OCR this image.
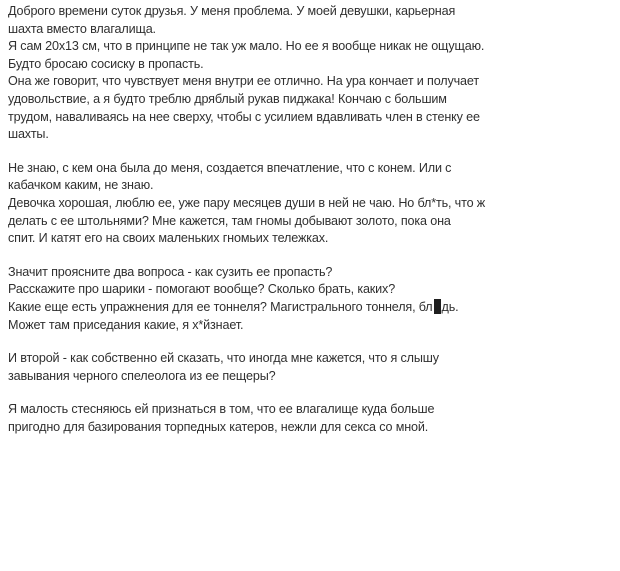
Доброго времени суток друзья. У меня проблема. У моей девушки, карьерная
шахта вместо влагалища.
Я сам 20х13 см, что в принципе не так уж мало. Но ее я вообще никак не ощущаю.
Будто бросаю сосиску в пропасть.
Она же говорит, что чувствует меня внутри ее отлично. На ура кончает и получает
удовольствие, а я будто треблю дряблый рукав пиджака! Кончаю с большим
трудом, наваливаясь на нее сверху, чтобы с усилием вдавливать член в стенку ее
шахты.

Не знаю, с кем она была до меня, создается впечатление, что с конем. Или с
кабачком каким, не знаю.
Девочка хорошая, люблю ее, уже пару месяцев души в ней не чаю. Но бл*ть, что ж
делать с ее штольнями? Мне кажется, там гномы добывают золото, пока она
спит. И катят его на своих маленьких гномьих тележках.

Значит проясните два вопроса - как сузить ее пропасть?
Расскажите про шарики - помогают вообще? Сколько брать, каких?
Какие еще есть упражнения для ее тоннеля? Магистрального тоннеля, бл дь.
Может там приседания какие, я х*йзнает.

И второй - как собственно ей сказать, что иногда мне кажется, что я слышу
завывания черного спелеолога из ее пещеры?

Я малость стесняюсь ей признаться в том, что ее влагалище куда больше
пригодно для базирования торпедных катеров, нежли для секса со мной.
